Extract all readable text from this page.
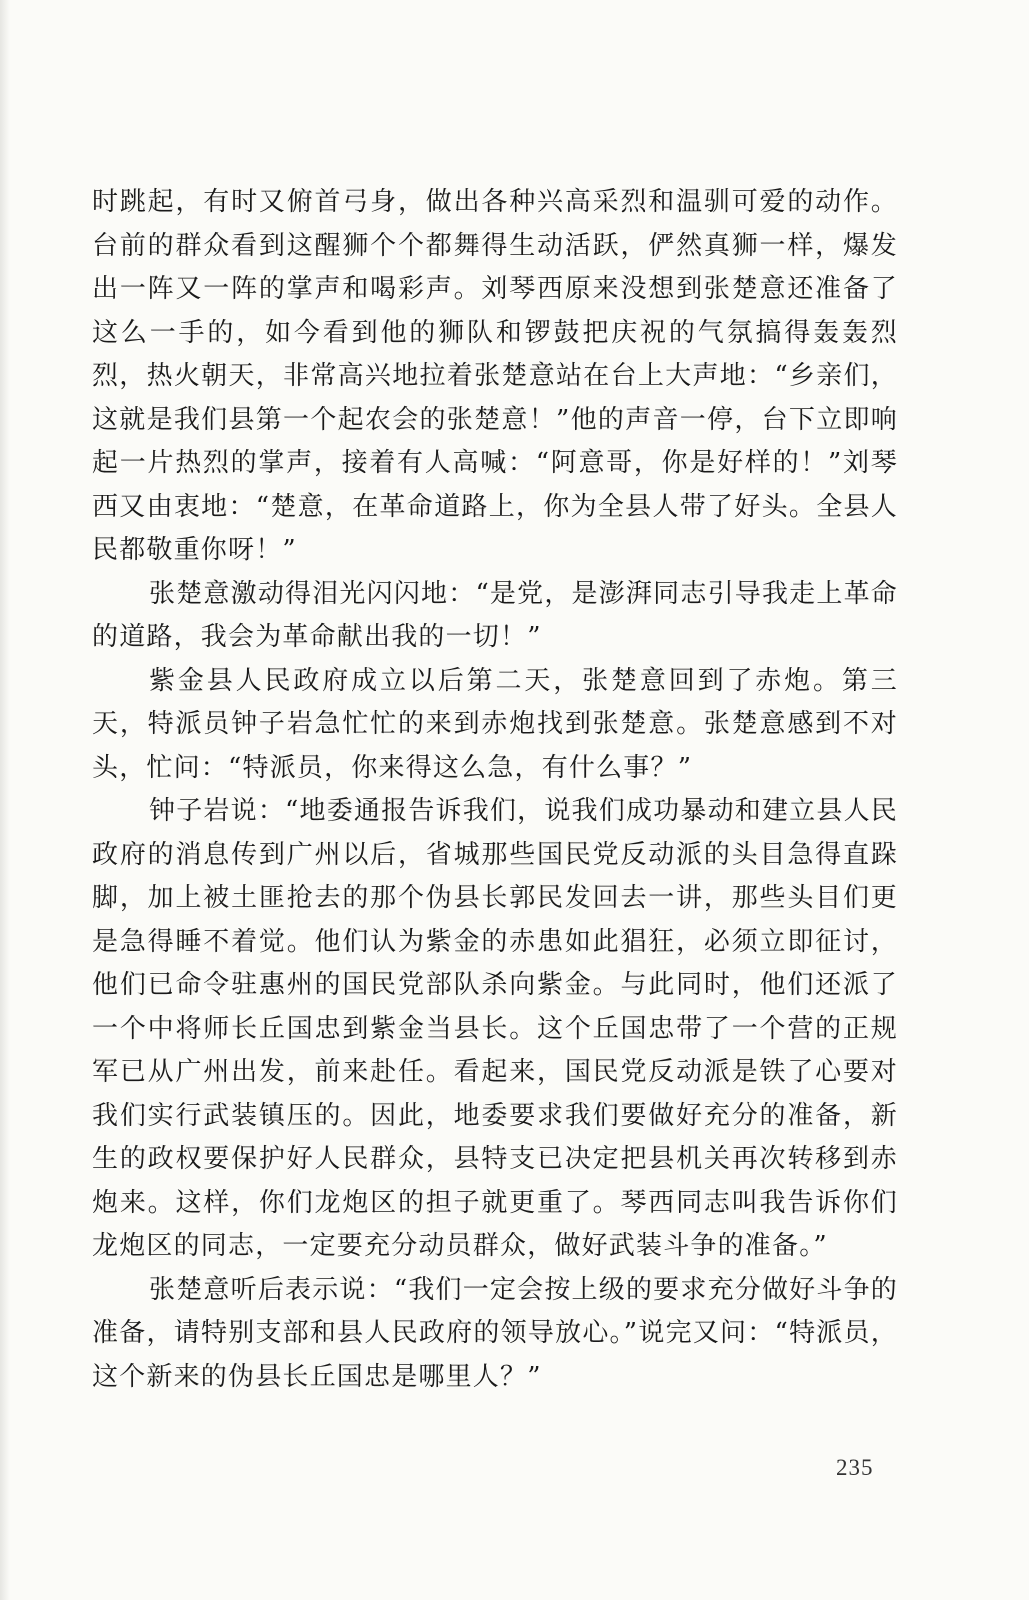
时跳起，有时又俯首弓身，做出各种兴高采烈和温驯可爱的动作。台前的群众看到这醒狮个个都舞得生动活跃，俨然真狮一样，爆发出一阵又一阵的掌声和喝彩声。刘琴西原来没想到张楚意还准备了这么一手的，如今看到他的狮队和锣鼓把庆祝的气氛搞得轰轰烈烈，热火朝天，非常高兴地拉着张楚意站在台上大声地：“乡亲们，这就是我们县第一个起农会的张楚意！”他的声音一停，台下立即响起一片热烈的掌声，接着有人高喊：“阿意哥，你是好样的！”刘琴西又由衷地：“楚意，在革命道路上，你为全县人带了好头。全县人民都敬重你呀！”

张楚意激动得泪光闪闪地：“是党，是澎湃同志引导我走上革命的道路，我会为革命献出我的一切！”

紫金县人民政府成立以后第二天，张楚意回到了赤炮。第三天，特派员钟子岩急忙忙的来到赤炮找到张楚意。张楚意感到不对头，忙问：“特派员，你来得这么急，有什么事？”

钟子岩说：“地委通报告诉我们，说我们成功暴动和建立县人民政府的消息传到广州以后，省城那些国民党反动派的头目急得直跺脚，加上被土匪抢去的那个伪县长郭民发回去一讲，那些头目们更是急得睡不着觉。他们认为紫金的赤患如此猖狂，必须立即征讨，他们已命令驻惠州的国民党部队杀向紫金。与此同时，他们还派了一个中将师长丘国忠到紫金当县长。这个丘国忠带了一个营的正规军已从广州出发，前来赴任。看起来，国民党反动派是铁了心要对我们实行武装镇压的。因此，地委要求我们要做好充分的准备，新生的政权要保护好人民群众，县特支已决定把县机关再次转移到赤炮来。这样，你们龙炮区的担子就更重了。琴西同志叫我告诉你们龙炮区的同志，一定要充分动员群众，做好武装斗争的准备。”

张楚意听后表示说：“我们一定会按上级的要求充分做好斗争的准备，请特别支部和县人民政府的领导放心。”说完又问：“特派员，这个新来的伪县长丘国忠是哪里人？”

235
